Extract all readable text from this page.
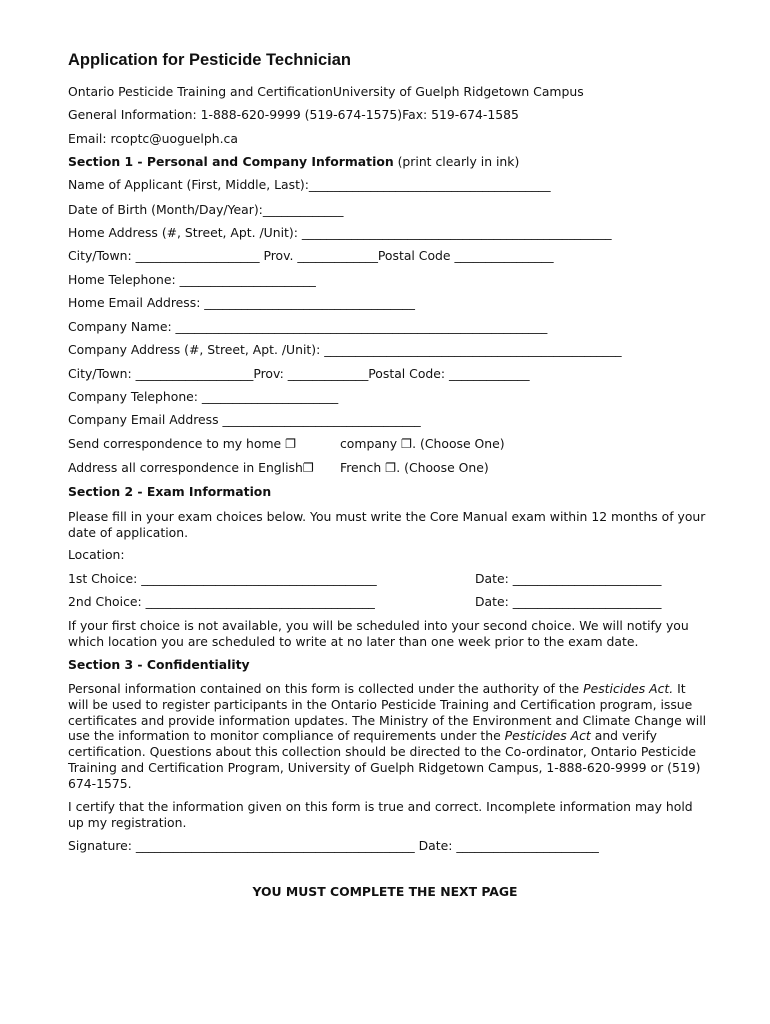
Application for Pesticide Technician
Ontario Pesticide Training and CertificationUniversity of Guelph Ridgetown Campus
General Information: 1-888-620-9999 (519-674-1575)Fax: 519-674-1585
Email: rcoptc@uoguelph.ca
Section 1 - Personal and Company Information (print clearly in ink)
Name of Applicant (First, Middle, Last):_______________________________________
Date of Birth (Month/Day/Year):_____________
Home Address (#, Street, Apt. /Unit): __________________________________________________
City/Town: ____________________ Prov. _____________Postal Code ________________
Home Telephone: ______________________
Home Email Address: __________________________________
Company Name: ____________________________________________________________
Company Address (#, Street, Apt. /Unit): ________________________________________________
City/Town: ___________________Prov: _____________Postal Code: _____________
Company Telephone: ______________________
Company Email Address ________________________________
Send correspondence to my home ❐	company ❐. (Choose One)
Address all correspondence in English❐ French ❐. (Choose One)
Section 2 - Exam Information
Please fill in your exam choices below. You must write the Core Manual exam within 12 months of your date of application.
Location:
1st Choice: ______________________________________	Date: ________________________
2nd Choice: _____________________________________	Date: ________________________
If your first choice is not available, you will be scheduled into your second choice. We will notify you which location you are scheduled to write at no later than one week prior to the exam date.
Section 3 - Confidentiality
Personal information contained on this form is collected under the authority of the Pesticides Act. It will be used to register participants in the Ontario Pesticide Training and Certification program, issue certificates and provide information updates. The Ministry of the Environment and Climate Change will use the information to monitor compliance of requirements under the Pesticides Act and verify certification. Questions about this collection should be directed to the Co-ordinator, Ontario Pesticide Training and Certification Program, University of Guelph Ridgetown Campus, 1-888-620-9999 or (519) 674-1575.
I certify that the information given on this form is true and correct. Incomplete information may hold up my registration.
Signature: _____________________________________________ Date: _______________________
YOU MUST COMPLETE THE NEXT PAGE
